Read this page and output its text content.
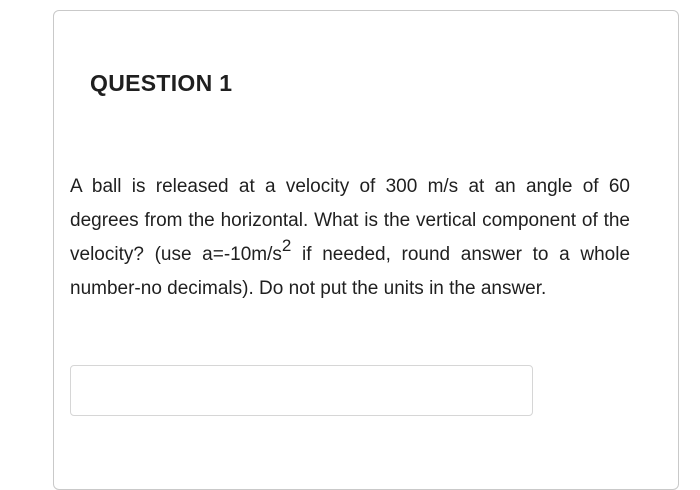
QUESTION 1

A ball is released at a velocity of 300 m/s at an angle of 60 degrees from the horizontal. What is the vertical component of the velocity? (use $a=-10m/s^2$ if needed, round answer to a whole number-no decimals). Do not put the units in the answer.
